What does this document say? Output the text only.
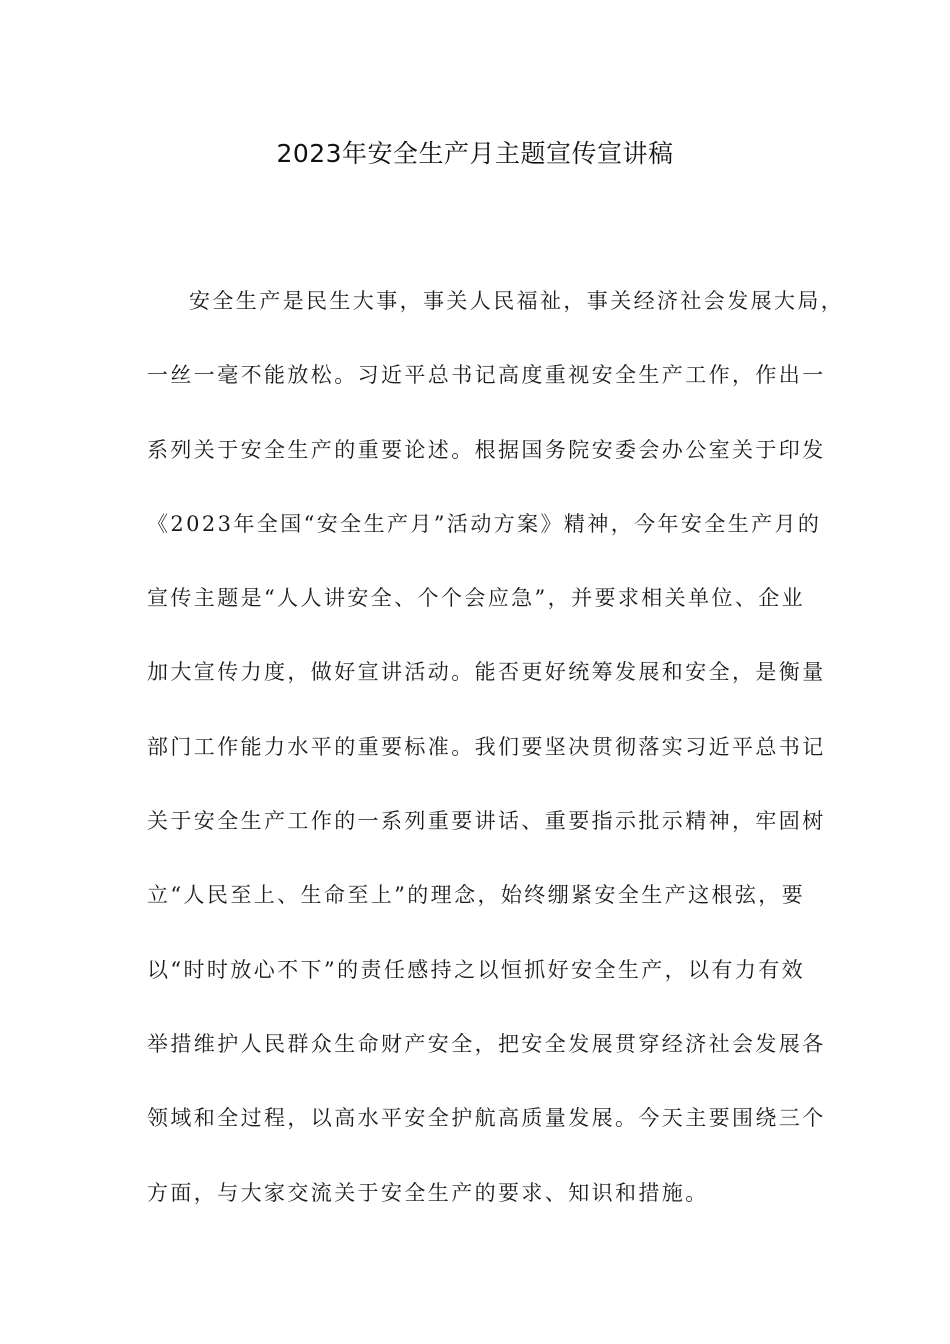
2023年安全生产月主题宣传宣讲稿
安全生产是民生大事，事关人民福祉，事关经济社会发展大局，
一丝一毫不能放松。习近平总书记高度重视安全生产工作，作出一
系列关于安全生产的重要论述。根据国务院安委会办公室关于印发
《2023年全国“安全生产月”活动方案》精神，今年安全生产月的
宣传主题是“人人讲安全、个个会应急”，并要求相关单位、企业
加大宣传力度，做好宣讲活动。能否更好统筹发展和安全，是衡量
部门工作能力水平的重要标准。我们要坚决贯彻落实习近平总书记
关于安全生产工作的一系列重要讲话、重要指示批示精神，牢固树
立“人民至上、生命至上”的理念，始终绷紧安全生产这根弦，要
以“时时放心不下”的责任感持之以恒抓好安全生产，以有力有效
举措维护人民群众生命财产安全，把安全发展贯穿经济社会发展各
领域和全过程，以高水平安全护航高质量发展。今天主要围绕三个
方面，与大家交流关于安全生产的要求、知识和措施。
